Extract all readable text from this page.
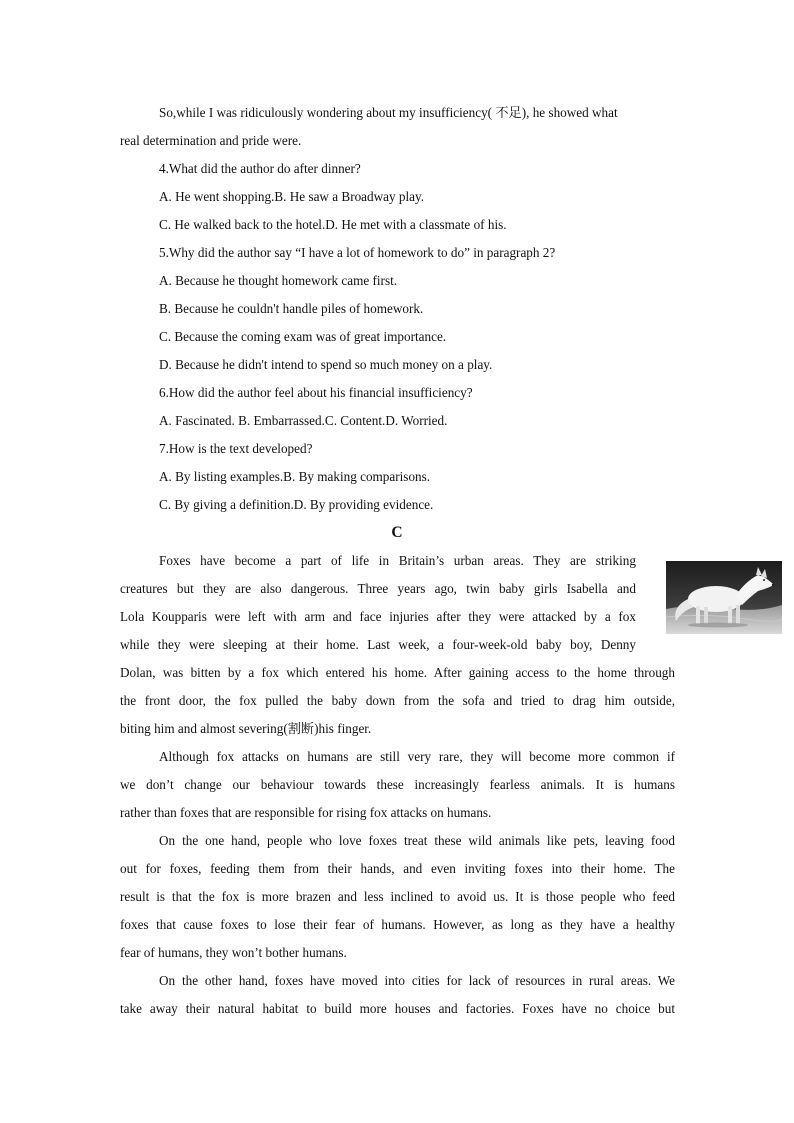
So,while I was ridiculously wondering about my insufficiency( 不足), he showed what
real determination and pride were.
4.What did the author do after dinner?
A. He went shopping.B. He saw a Broadway play.
C. He walked back to the hotel.D. He met with a classmate of his.
5.Why did the author say “I have a lot of homework to do” in paragraph 2?
A. Because he thought homework came first.
B. Because he couldn't handle piles of homework.
C. Because the coming exam was of great importance.
D. Because he didn't intend to spend so much money on a play.
6.How did the author feel about his financial insufficiency?
A. Fascinated. B. Embarrassed.C. Content.D. Worried.
7.How is the text developed?
A. By listing examples.B. By making comparisons.
C. By giving a definition.D. By providing evidence.
C
Foxes have become a part of life in Britain’s urban areas. They are striking
creatures but they are also dangerous. Three years ago, twin baby girls Isabella and
Lola Koupparis were left with arm and face injuries after they were attacked by a fox
while they were sleeping at their home. Last week, a four-week-old baby boy, Denny
Dolan, was bitten by a fox which entered his home. After gaining access to the home through
the front door, the fox pulled the baby down from the sofa and tried to drag him outside,
biting him and almost severing(割断)his finger.
Although fox attacks on humans are still very rare, they will become more common if
we don’t change our behaviour towards these increasingly fearless animals. It is humans
rather than foxes that are responsible for rising fox attacks on humans.
On the one hand, people who love foxes treat these wild animals like pets, leaving food
out for foxes, feeding them from their hands, and even inviting foxes into their home. The
result is that the fox is more brazen and less inclined to avoid us. It is those people who feed
foxes that cause foxes to lose their fear of humans. However, as long as they have a healthy
fear of humans, they won’t bother humans.
On the other hand, foxes have moved into cities for lack of resources in rural areas. We
take away their natural habitat to build more houses and factories. Foxes have no choice but
